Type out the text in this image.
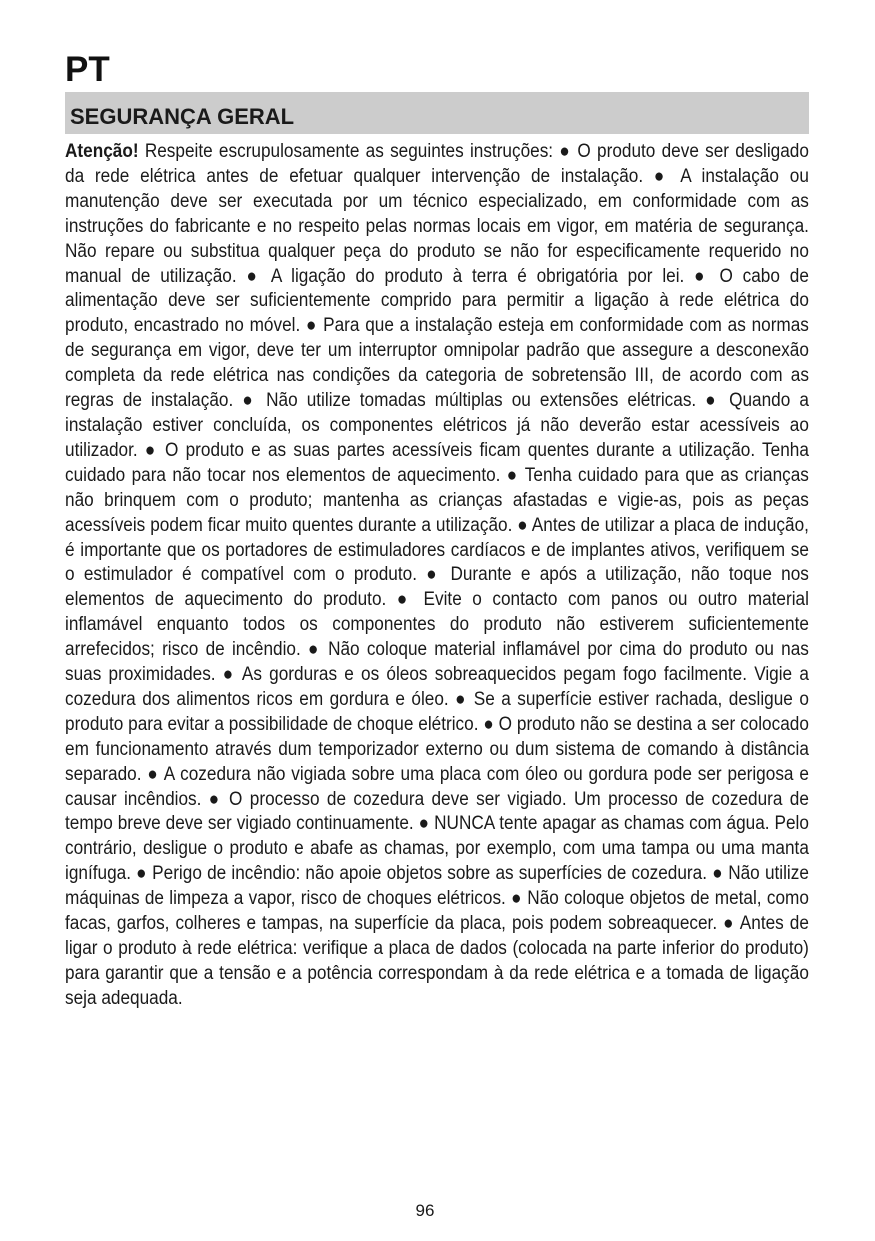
PT
SEGURANÇA GERAL

Atenção! Respeite escrupulosamente as seguintes instruções: ● O produto deve ser desligado da rede elétrica antes de efetuar qualquer intervenção de instalação. ● A instalação ou manutenção deve ser executada por um técnico especializado, em conformidade com as instruções do fabricante e no respeito pelas normas locais em vigor, em matéria de segurança. Não repare ou substitua qualquer peça do produto se não for especificamente requerido no manual de utilização. ● A ligação do produto à terra é obrigatória por lei. ● O cabo de alimentação deve ser suficientemente comprido para permitir a ligação à rede elétrica do produto, encastrado no móvel. ● Para que a instalação esteja em conformidade com as normas de segurança em vigor, deve ter um interruptor omnipolar padrão que assegure a desconexão completa da rede elétrica nas condições da categoria de sobretensão III, de acordo com as regras de instalação. ● Não utilize tomadas múltiplas ou extensões elétricas. ● Quando a instalação estiver concluída, os componentes elétricos já não deverão estar acessíveis ao utilizador. ● O produto e as suas partes acessíveis ficam quentes durante a utilização. Tenha cuidado para não tocar nos elementos de aquecimento. ● Tenha cuidado para que as crianças não brinquem com o produto; mantenha as crianças afastadas e vigie-as, pois as peças acessíveis podem ficar muito quentes durante a utilização. ● Antes de utilizar a placa de indução, é importante que os portadores de estimuladores cardíacos e de implantes ativos, verifiquem se o estimulador é compatível com o produto. ● Durante e após a utilização, não toque nos elementos de aquecimento do produto. ● Evite o contacto com panos ou outro material inflamável enquanto todos os componentes do produto não estiverem suficientemente arrefecidos; risco de incêndio. ● Não coloque material inflamável por cima do produto ou nas suas proximidades. ● As gorduras e os óleos sobreaquecidos pegam fogo facilmente. Vigie a cozedura dos alimentos ricos em gordura e óleo. ● Se a superfície estiver rachada, desligue o produto para evitar a possibilidade de choque elétrico. ● O produto não se destina a ser colocado em funcionamento através dum temporizador externo ou dum sistema de comando à distância separado. ● A cozedura não vigiada sobre uma placa com óleo ou gordura pode ser perigosa e causar incêndios. ● O processo de cozedura deve ser vigiado. Um processo de cozedura de tempo breve deve ser vigiado continuamente. ● NUNCA tente apagar as chamas com água. Pelo contrário, desligue o produto e abafe as chamas, por exemplo, com uma tampa ou uma manta ignífuga. ● Perigo de incêndio: não apoie objetos sobre as superfícies de cozedura. ● Não utilize máquinas de limpeza a vapor, risco de choques elétricos. ● Não coloque objetos de metal, como facas, garfos, colheres e tampas, na superfície da placa, pois podem sobreaquecer. ● Antes de ligar o produto à rede elétrica: verifique a placa de dados (colocada na parte inferior do produto) para garantir que a tensão e a potência correspondam à da rede elétrica e a tomada de ligação seja adequada.

96
